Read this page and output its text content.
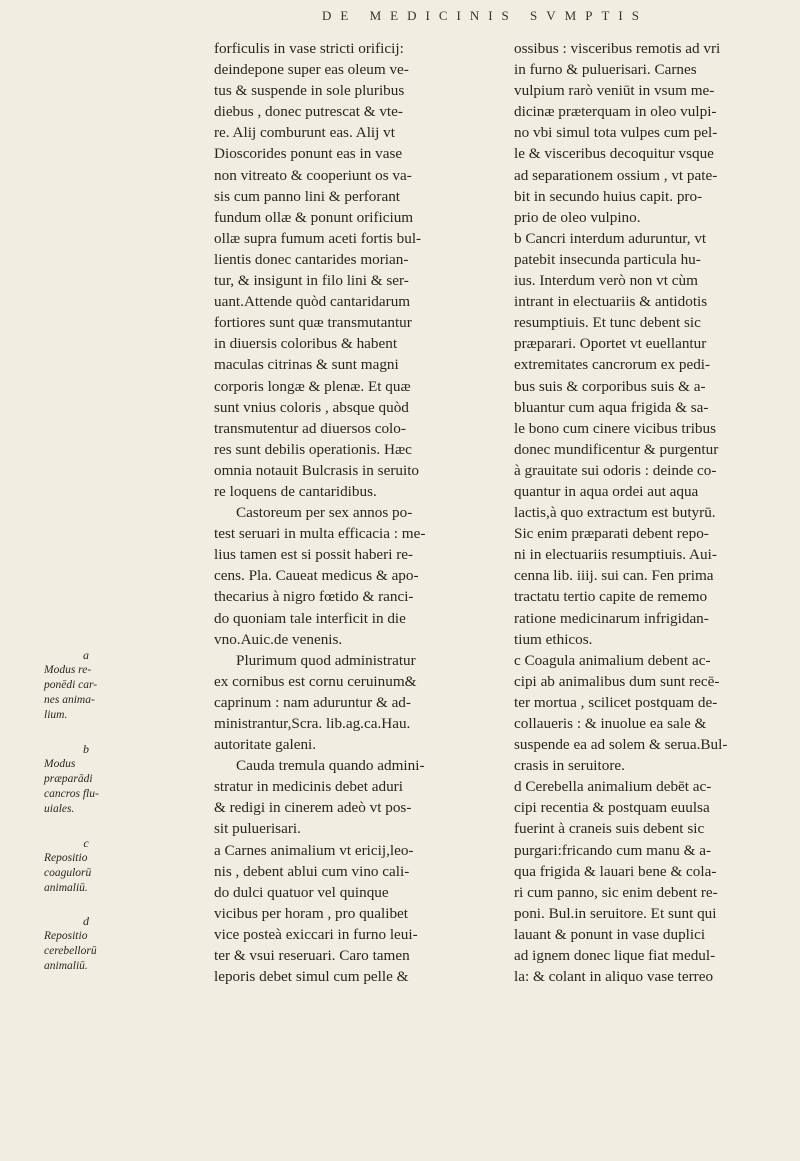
DE MEDICINIS SVMPTIS
forficulis in vase stricti orificij:
deindepone super eas oleum ve-
tus & suspende in sole pluribus
diebus , donec putrescat & vte-
re. Alij comburunt eas. Alij vt
Dioscorides ponunt eas in vase
non vitreato & cooperiunt os va-
sis cum panno lini & perforant
fundum ollæ & ponunt orificium
ollæ supra fumum aceti fortis bul-
lientis donec cantarides morian-
tur, & insigunt in filo lini & ser-
uant.Attende quòd cantaridarum
fortiores sunt quæ transmutantur
in diuersis coloribus & habent
maculas citrinas & sunt magni
corporis longæ & plenæ. Et quæ
sunt vnius coloris , absque quòd
transmutentur ad diuersos colo-
res sunt debilis operationis. Hæc
omnia notauit Bulcrasis in seruito
re loquens de cantaridibus.
Castoreum per sex annos po-
test seruari in multa efficacia : me-
lius tamen est si possit haberi re-
cens. Pla. Caueat medicus & apo-
thecarius à nigro fœtido & ranci-
do quoniam tale interficit in die
vno.Auic.de venenis.
Plurimum quod administratur
ex cornibus est cornu ceruinum&
caprinum : nam aduruntur & ad-
ministrantur,Scra. lib.ag.ca.Hau.
autoritate galeni.
Cauda tremula quando admini-
stratur in medicinis debet aduri
& redigi in cinerem adeò vt pos-
sit puluerisari.
a Carnes animalium vt ericij,leo-
nis , debent ablui cum vino cali-
do dulci quatuor vel quinque
vicibus per horam , pro qualibet
vice posteà exiccari in furno leui-
ter & vsui reseruari. Caro tamen
leporis debet simul cum pelle &
ossibus : visceribus remotis ad vri
in furno & puluerisari. Carnes
vulpium rarò veniūt in vsum me-
dicinæ præterquam in oleo vulpi-
no vbi simul tota vulpes cum pel-
le & visceribus decoquitur vsque
ad separationem ossium , vt pate-
bit in secundo huius capit. pro-
prio de oleo vulpino.
b Cancri interdum aduruntur, vt
patebit insecunda particula hu-
ius. Interdum verò non vt cùm
intrant in electuariis & antidotis
resumptiuis. Et tunc debent sic
præparari. Oportet vt euellantur
extremitates cancrorum ex pedi-
bus suis & corporibus suis & a-
bluantur cum aqua frigida & sa-
le bono cum cinere vicibus tribus
donec mundificentur & purgentur
à grauitate sui odoris : deinde co-
quantur in aqua ordei aut aqua
lactis,à quo extractum est butyrū.
Sic enim præparati debent repo-
ni in electuariis resumptiuis. Aui-
cenna lib. iiij. sui can. Fen prima
tractatu tertio capite de rememo
ratione medicinarum infrigidan-
tium ethicos.
c Coagula animalium debent ac-
cipi ab animalibus dum sunt recē-
ter mortua , scilicet postquam de-
collaueris : & inuolue ea sale &
suspende ea ad solem & serua.Bul-
crasis in seruitore.
d Cerebella animalium debēt ac-
cipi recentia & postquam euulsa
fuerint à craneis suis debent sic
purgari:fricando cum manu & a-
qua frigida & lauari bene & cola-
ri cum panno, sic enim debent re-
poni. Bul.in seruitore. Et sunt qui
lauant & ponunt in vase duplici
ad ignem donec lique fiat medul-
la: & colant in aliquo vase terreo
a
Modus re-
ponēdi car-
nes anima-
lium.
b
Modus
præparādi
cancros flu-
uiales.
c
Repositio
coagulorū
animaliū.
d
Repositio
cerebellorū
animaliū.
